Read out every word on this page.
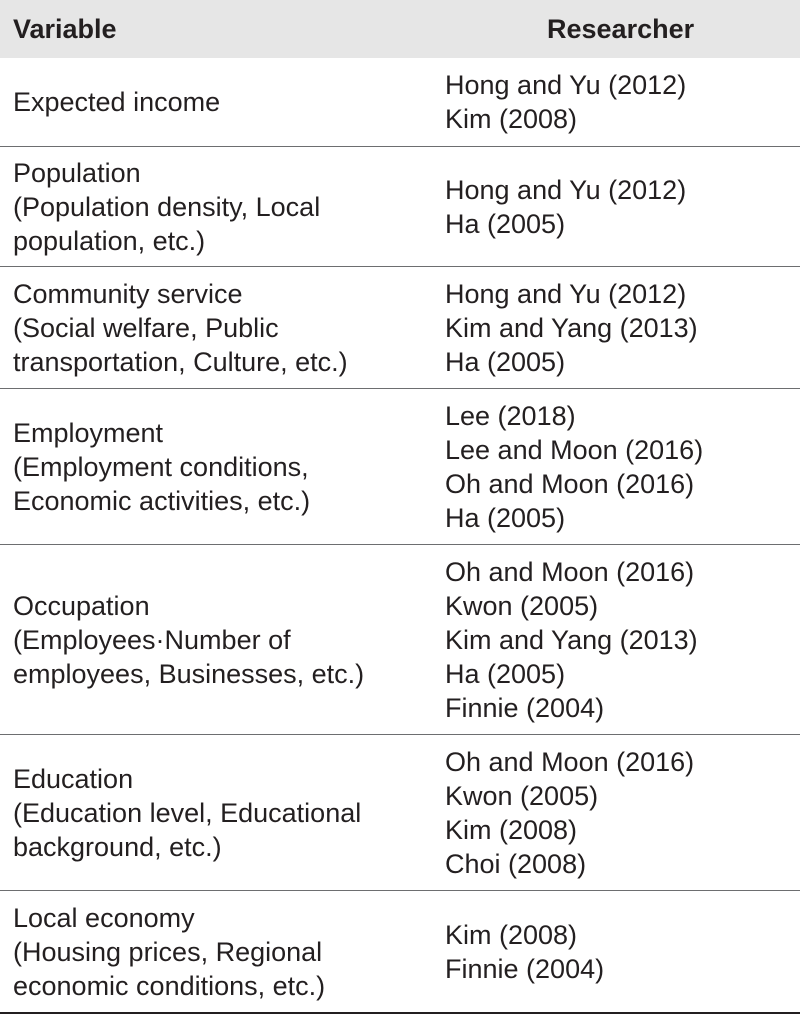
Variable	Researcher
Expected income
Hong and Yu (2012)
Kim (2008)
Population
(Population density, Local
population, etc.)
Hong and Yu (2012)
Ha (2005)
Community service
(Social welfare, Public
transportation, Culture, etc.)
Hong and Yu (2012)
Kim and Yang (2013)
Ha (2005)
Employment
(Employment conditions,
Economic activities, etc.)
Lee (2018)
Lee and Moon (2016)
Oh and Moon (2016)
Ha (2005)
Occupation
(Employees·Number of
employees, Businesses, etc.)
Oh and Moon (2016)
Kwon (2005)
Kim and Yang (2013)
Ha (2005)
Finnie (2004)
Education
(Education level, Educational
background, etc.)
Oh and Moon (2016)
Kwon (2005)
Kim (2008)
Choi (2008)
Local economy
(Housing prices, Regional
economic conditions, etc.)
Kim (2008)
Finnie (2004)
